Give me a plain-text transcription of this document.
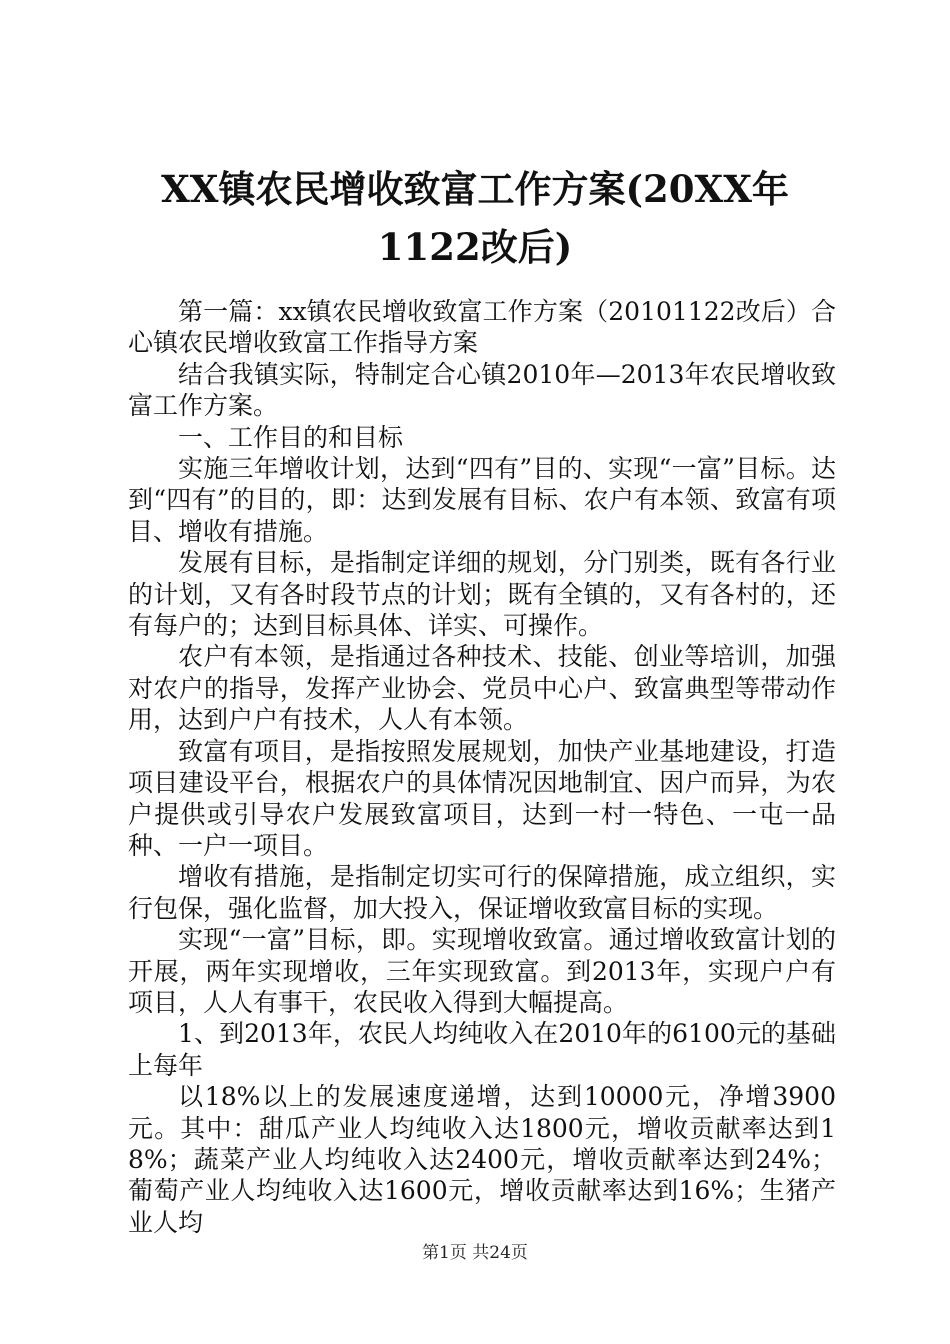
XX镇农民增收致富工作方案(20XX年1122改后)

第一篇：xx镇农民增收致富工作方案（20101122改后）合心镇农民增收致富工作指导方案

结合我镇实际，特制定合心镇2010年—2013年农民增收致富工作方案。

一、工作目的和目标

实施三年增收计划，达到“四有”目的、实现“一富”目标。达到“四有”的目的，即：达到发展有目标、农户有本领、致富有项目、增收有措施。

发展有目标，是指制定详细的规划，分门别类，既有各行业的计划，又有各时段节点的计划；既有全镇的，又有各村的，还有每户的；达到目标具体、详实、可操作。

农户有本领，是指通过各种技术、技能、创业等培训，加强对农户的指导，发挥产业协会、党员中心户、致富典型等带动作用，达到户户有技术，人人有本领。

致富有项目，是指按照发展规划，加快产业基地建设，打造项目建设平台，根据农户的具体情况因地制宜、因户而异，为农户提供或引导农户发展致富项目，达到一村一特色、一屯一品种、一户一项目。

增收有措施，是指制定切实可行的保障措施，成立组织，实行包保，强化监督，加大投入，保证增收致富目标的实现。

实现“一富”目标，即。实现增收致富。通过增收致富计划的开展，两年实现增收，三年实现致富。到2013年，实现户户有项目，人人有事干，农民收入得到大幅提高。

1、到2013年，农民人均纯收入在2010年的6100元的基础上每年

以18%以上的发展速度递增，达到10000元，净增3900元。其中：甜瓜产业人均纯收入达1800元，增收贡献率达到18%；蔬菜产业人均纯收入达2400元，增收贡献率达到24%；葡萄产业人均纯收入达1600元，增收贡献率达到16%；生猪产业人均

第1页 共24页
